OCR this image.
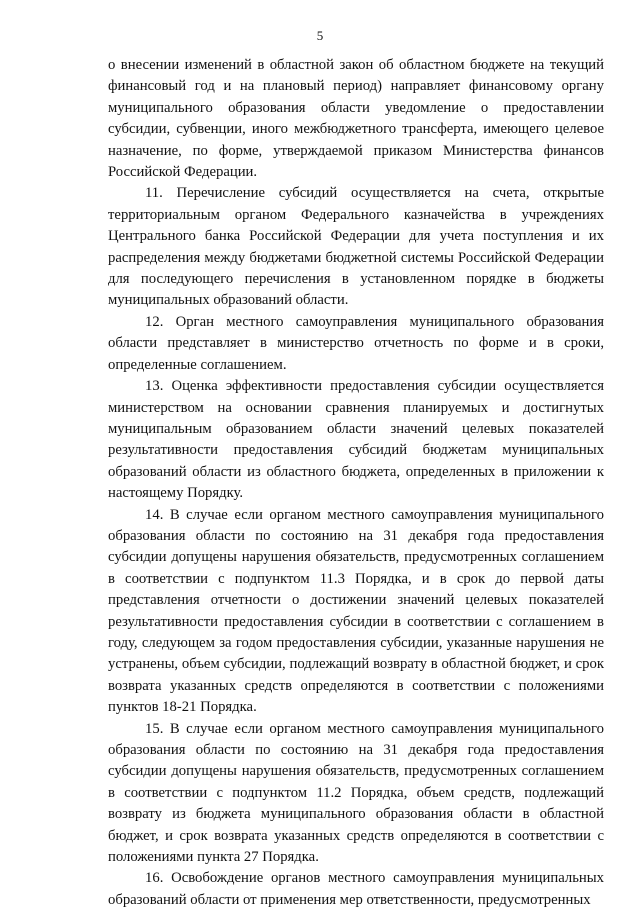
5

о внесении изменений в областной закон об областном бюджете на текущий финансовый год и на плановый период) направляет финансовому органу муниципального образования области уведомление о предоставлении субсидии, субвенции, иного межбюджетного трансферта, имеющего целевое назначение, по форме, утверждаемой приказом Министерства финансов Российской Федерации.

11. Перечисление субсидий осуществляется на счета, открытые территориальным органом Федерального казначейства в учреждениях Центрального банка Российской Федерации для учета поступления и их распределения между бюджетами бюджетной системы Российской Федерации для последующего перечисления в установленном порядке в бюджеты муниципальных образований области.

12. Орган местного самоуправления муниципального образования области представляет в министерство отчетность по форме и в сроки, определенные соглашением.

13. Оценка эффективности предоставления субсидии осуществляется министерством на основании сравнения планируемых и достигнутых муниципальным образованием области значений целевых показателей результативности предоставления субсидий бюджетам муниципальных образований области из областного бюджета, определенных в приложении к настоящему Порядку.

14. В случае если органом местного самоуправления муниципального образования области по состоянию на 31 декабря года предоставления субсидии допущены нарушения обязательств, предусмотренных соглашением в соответствии с подпунктом 11.3 Порядка, и в срок до первой даты представления отчетности о достижении значений целевых показателей результативности предоставления субсидии в соответствии с соглашением в году, следующем за годом предоставления субсидии, указанные нарушения не устранены, объем субсидии, подлежащий возврату в областной бюджет, и срок возврата указанных средств определяются в соответствии с положениями пунктов 18-21 Порядка.

15. В случае если органом местного самоуправления муниципального образования области по состоянию на 31 декабря года предоставления субсидии допущены нарушения обязательств, предусмотренных соглашением в соответствии с подпунктом 11.2 Порядка, объем средств, подлежащий возврату из бюджета муниципального образования области в областной бюджет, и срок возврата указанных средств определяются в соответствии с положениями пункта 27 Порядка.

16. Освобождение органов местного самоуправления муниципальных образований области от применения мер ответственности, предусмотренных
